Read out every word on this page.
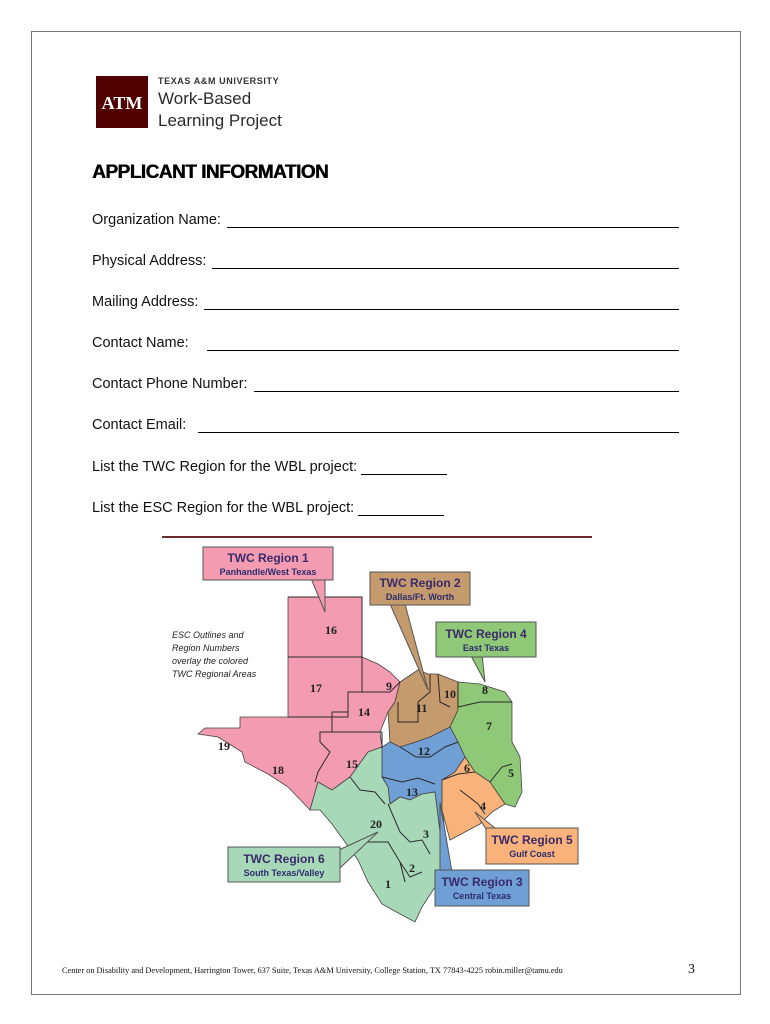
ATM
TEXAS A&M UNIVERSITY
Work-Based
Learning Project
APPLICANT INFORMATION
Organization Name:
Physical Address:
Mailing Address:
Contact Name:
Contact Phone Number:
Contact Email:
List the TWC Region for the WBL project:
List the ESC Region for the WBL project:
16
17	9
14	11
10 8
7
12
15
18
19
6	5
13
4
20
3
2
1
ESC Outlines and
Region Numbers
overlay the colored
TWC Regional Areas
TWC Region 1
Panhandle/West Texas
TWC Region 2
Dallas/Ft. Worth
TWC Region 4
East Texas
TWC Region 5
Gulf Coast
TWC Region 6
South Texas/Valley
TWC Region 3
Central Texas
Center on Disability and Development, Harrington Tower, 637 Suite, Texas A&M University, College Station, TX 77843-4225 robin.miller@tamu.edu	3
